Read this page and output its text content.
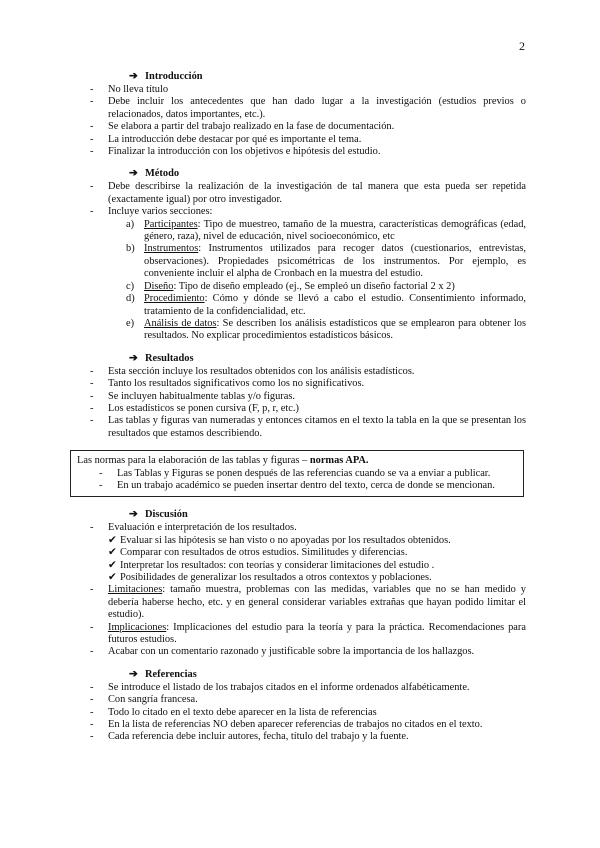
2
➔ Introducción
- No lleva título
- Debe incluir los antecedentes que han dado lugar a la investigación (estudios previos o relacionados, datos importantes, etc.).
- Se elabora a partir del trabajo realizado en la fase de documentación.
- La introducción debe destacar por qué es importante el tema.
- Finalizar la introducción con los objetivos e hipótesis del estudio.
➔ Método
- Debe describirse la realización de la investigación de tal manera que esta pueda ser repetida (exactamente igual) por otro investigador.
- Incluye varios secciones:
a) Participantes: Tipo de muestreo, tamaño de la muestra, características demográficas (edad, género, raza), nivel de educación, nivel socioeconómico, etc
b) Instrumentos: Instrumentos utilizados para recoger datos (cuestionarios, entrevistas, observaciones). Propiedades psicométricas de los instrumentos. Por ejemplo, es conveniente incluir el alpha de Cronbach en la muestra del estudio.
c) Diseño: Tipo de diseño empleado (ej., Se empleó un diseño factorial 2 x 2)
d) Procedimiento: Cómo y dónde se llevó a cabo el estudio. Consentimiento informado, tratamiento de la confidencialidad, etc.
e) Análisis de datos: Se describen los análisis estadísticos que se emplearon para obtener los resultados. No explicar procedimientos estadísticos básicos.
➔ Resultados
- Esta sección incluye los resultados obtenidos con los análisis estadísticos.
- Tanto los resultados significativos como los no significativos.
- Se incluyen habitualmente tablas y/o figuras.
- Los estadísticos se ponen cursiva (F, p, r, etc.)
- Las tablas y figuras van numeradas y entonces citamos en el texto la tabla en la que se presentan los resultados que estamos describiendo.
Las normas para la elaboración de las tablas y figuras – normas APA.
- Las Tablas y Figuras se ponen después de las referencias cuando se va a enviar a publicar.
- En un trabajo académico se pueden insertar dentro del texto, cerca de donde se mencionan.
➔ Discusión
- Evaluación e interpretación de los resultados.
✔ Evaluar si las hipótesis se han visto o no apoyadas por los resultados obtenidos.
✔ Comparar con resultados de otros estudios. Similitudes y diferencias.
✔ Interpretar los resultados: con teorías y considerar limitaciones del estudio .
✔ Posibilidades de generalizar los resultados a otros contextos y poblaciones.
- Limitaciones: tamaño muestra, problemas con las medidas, variables que no se han medido y debería haberse hecho, etc. y en general considerar variables extrañas que hayan podido limitar el estudio).
- Implicaciones: Implicaciones del estudio para la teoría y para la práctica. Recomendaciones para futuros estudios.
- Acabar con un comentario razonado y justificable sobre la importancia de los hallazgos.
➔ Referencias
- Se introduce el listado de los trabajos citados en el informe ordenados alfabéticamente.
- Con sangría francesa.
- Todo lo citado en el texto debe aparecer en la lista de referencias
- En la lista de referencias NO deben aparecer referencias de trabajos no citados en el texto.
- Cada referencia debe incluir autores, fecha, título del trabajo y la fuente.
